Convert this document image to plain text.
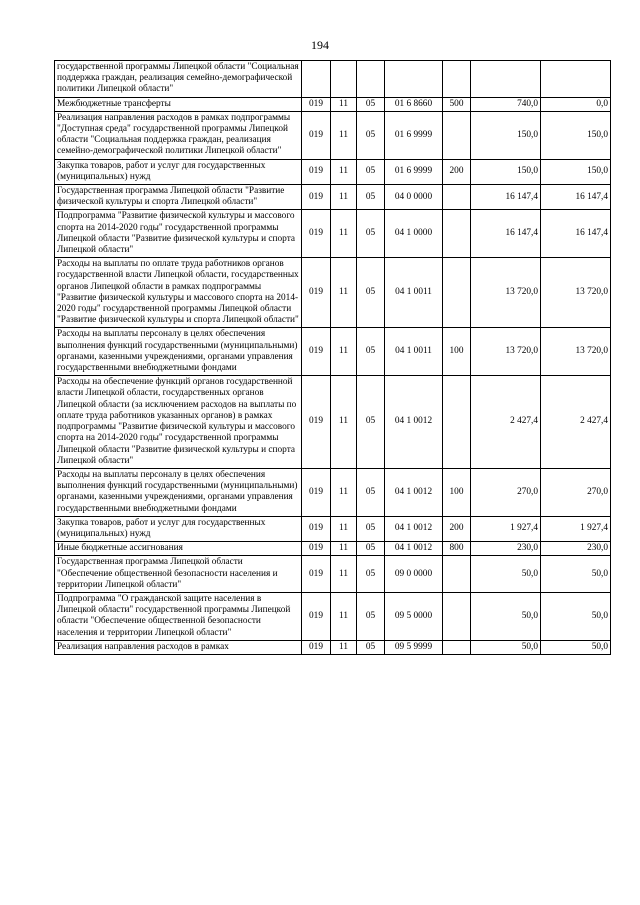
194
государственной программы Липецкой области "Социальная поддержка граждан, реализация семейно-демографической политики Липецкой области"							
Межбюджетные трансферты	019	11	05	01 6 8660	500	740,0	0,0
Реализация направления расходов в рамках подпрограммы "Доступная среда" государственной программы Липецкой области "Социальная поддержка граждан, реализация семейно-демографической политики Липецкой области"	019	11	05	01 6 9999		150,0	150,0
Закупка товаров, работ и услуг для государственных (муниципальных) нужд	019	11	05	01 6 9999	200	150,0	150,0
Государственная программа Липецкой области "Развитие физической культуры и спорта Липецкой области"	019	11	05	04 0 0000		16 147,4	16 147,4
Подпрограмма "Развитие физической культуры и массового спорта на 2014-2020 годы" государственной программы Липецкой области "Развитие физической культуры и спорта Липецкой области"	019	11	05	04 1 0000		16 147,4	16 147,4
Расходы на выплаты по оплате труда работников органов государственной власти Липецкой области, государственных органов Липецкой области в рамках подпрограммы "Развитие физической культуры и массового спорта на 2014-2020 годы" государственной программы Липецкой области "Развитие физической культуры и спорта Липецкой области"	019	11	05	04 1 0011		13 720,0	13 720,0
Расходы на выплаты персоналу в целях обеспечения выполнения функций государственными (муниципальными) органами, казенными учреждениями, органами управления государственными внебюджетными фондами	019	11	05	04 1 0011	100	13 720,0	13 720,0
Расходы на обеспечение функций органов государственной власти Липецкой области, государственных органов Липецкой области (за исключением расходов на выплаты по оплате труда работников указанных органов) в рамках подпрограммы "Развитие физической культуры и массового спорта на 2014-2020 годы" государственной программы Липецкой области "Развитие физической культуры и спорта Липецкой области"	019	11	05	04 1 0012		2 427,4	2 427,4
Расходы на выплаты персоналу в целях обеспечения выполнения функций государственными (муниципальными) органами, казенными учреждениями, органами управления государственными внебюджетными фондами	019	11	05	04 1 0012	100	270,0	270,0
Закупка товаров, работ и услуг для государственных (муниципальных) нужд	019	11	05	04 1 0012	200	1 927,4	1 927,4
Иные бюджетные ассигнования	019	11	05	04 1 0012	800	230,0	230,0
Государственная программа Липецкой области "Обеспечение общественной безопасности населения и территории Липецкой области"	019	11	05	09 0 0000		50,0	50,0
Подпрограмма "О гражданской защите населения в Липецкой области" государственной программы Липецкой области "Обеспечение общественной безопасности населения и территории Липецкой области"	019	11	05	09 5 0000		50,0	50,0
Реализация направления расходов в рамках	019	11	05	09 5 9999		50,0	50,0
